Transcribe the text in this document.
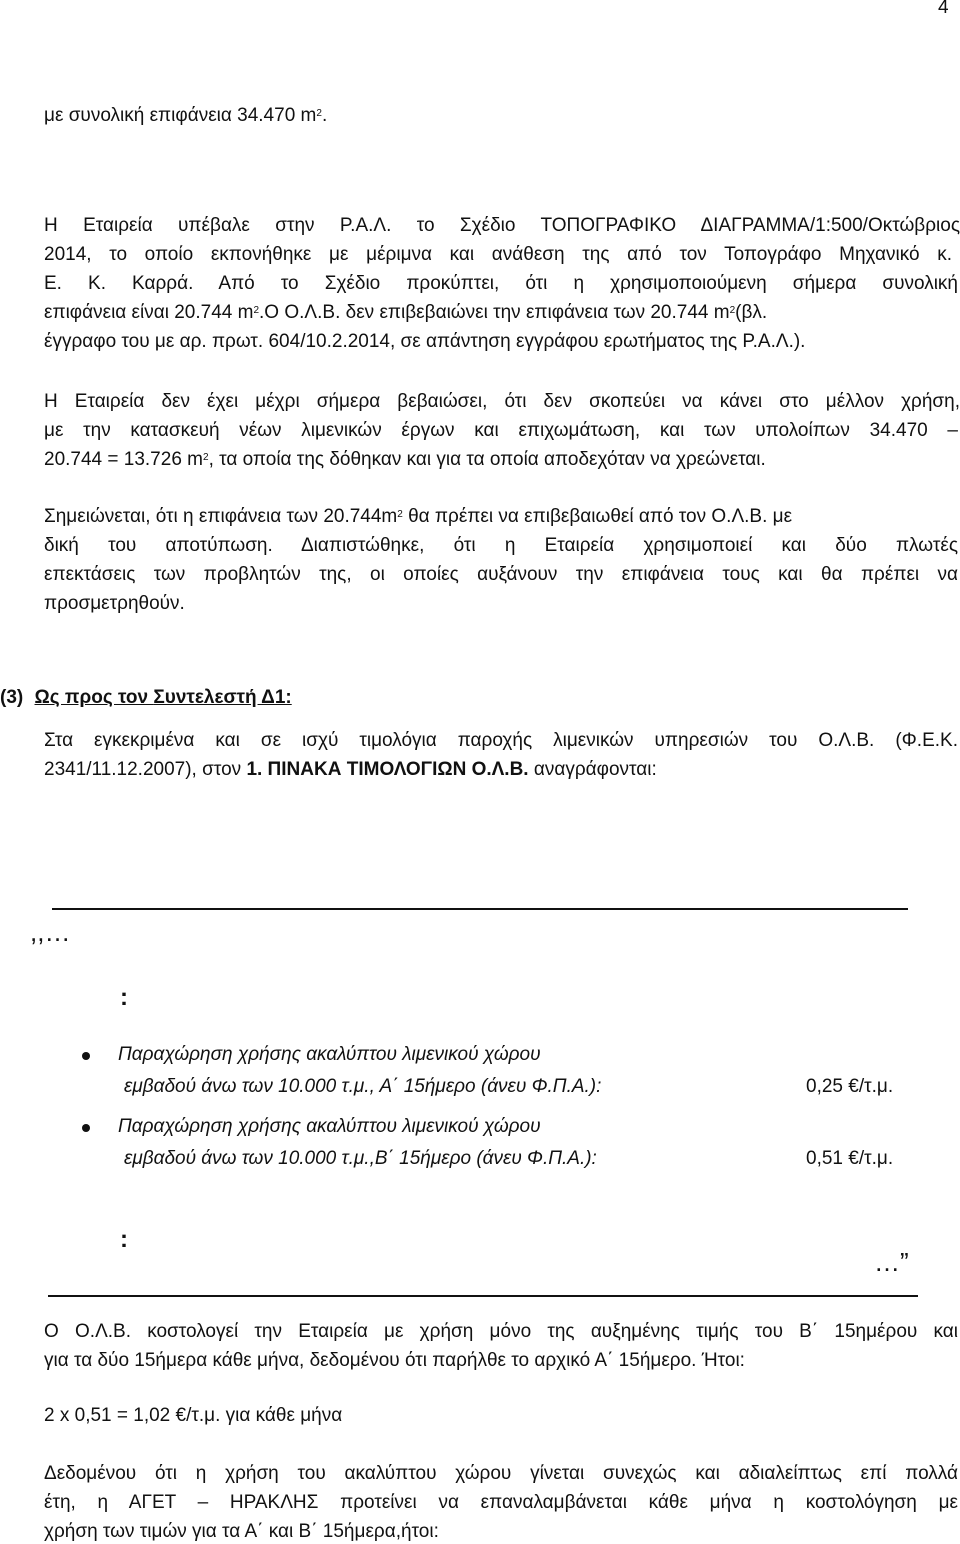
4
με συνολική επιφάνεια 34.470 $m^2$.
Η Εταιρεία υπέβαλε στην Ρ.Α.Λ. το Σχέδιο ΤΟΠΟΓΡΑΦΙΚΟ ΔΙΑΓΡΑΜΜΑ/1:500/Οκτώβριος
2014, το οποίο εκπονήθηκε με μέριμνα και ανάθεση της από τον Τοπογράφο Μηχανικό κ.
Ε. Κ. Καρρά. Από το Σχέδιο προκύπτει, ότι η χρησιμοποιούμενη σήμερα συνολική
επιφάνεια είναι 20.744 $m^2.O$ Ο.Λ.Β. δεν επιβεβαιώνει την επιφάνεια των 20.744 $m^2(\beta\lambda$.
έγγραφο του με αρ. πρωτ. 604/10.2.2014, σε απάντηση εγγράφου ερωτήματος της Ρ.Α.Λ.).
Η Εταιρεία δεν έχει μέχρι σήμερα βεβαιώσει, ότι δεν σκοπεύει να κάνει στο μέλλον χρήση,
με την κατασκευή νέων λιμενικών έργων και επιχωμάτωση, και των υπολοίπων 34.470 –
20.744 = 13.726 $m^2$, τα οποία της δόθηκαν και για τα οποία αποδεχόταν να χρεώνεται.
Σημειώνεται, ότι η επιφάνεια των $20.744m^2$ θα πρέπει να επιβεβαιωθεί από τον Ο.Λ.Β. με
δική του αποτύπωση. Διαπιστώθηκε, ότι η Εταιρεία χρησιμοποιεί και δύο πλωτές
επεκτάσεις των προβλητών της, οι οποίες αυξάνουν την επιφάνεια τους και θα πρέπει να
προσμετρηθούν.
(3) Ως προς τον Συντελεστή Δ1:
Στα εγκεκριμένα και σε ισχύ τιμολόγια παροχής λιμενικών υπηρεσιών του Ο.Λ.Β. (Φ.Ε.Κ.
2341/11.12.2007), στον 1. ΠΙΝΑΚΑ ΤΙΜΟΛΟΓΙΩΝ Ο.Λ.Β. αναγράφονται:
,,…
:
Παραχώρηση χρήσης ακαλύπτου λιμενικού χώρου
εμβαδού άνω των 10.000 τ.μ., Α΄ 15ήμερο (άνευ Φ.Π.Α.):	0,25 €/τ.μ.
Παραχώρηση χρήσης ακαλύπτου λιμενικού χώρου
εμβαδού άνω των 10.000 τ.μ.,Β΄ 15ήμερο (άνευ Φ.Π.Α.):	0,51 €/τ.μ.
:
…”
Ο Ο.Λ.Β. κοστολογεί την Εταιρεία με χρήση μόνο της αυξημένης τιμής του Β΄ 15ημέρου και
για τα δύο 15ήμερα κάθε μήνα, δεδομένου ότι παρήλθε το αρχικό Α΄ 15ήμερο. Ήτοι:
2 x 0,51 = 1,02 €/τ.μ. για κάθε μήνα
Δεδομένου ότι η χρήση του ακαλύπτου χώρου γίνεται συνεχώς και αδιαλείπτως επί πολλά
έτη, η ΑΓΕΤ – ΗΡΑΚΛΗΣ προτείνει να επαναλαμβάνεται κάθε μήνα η κοστολόγηση με
χρήση των τιμών για τα Α΄ και Β΄ 15ήμερα,ήτοι:
